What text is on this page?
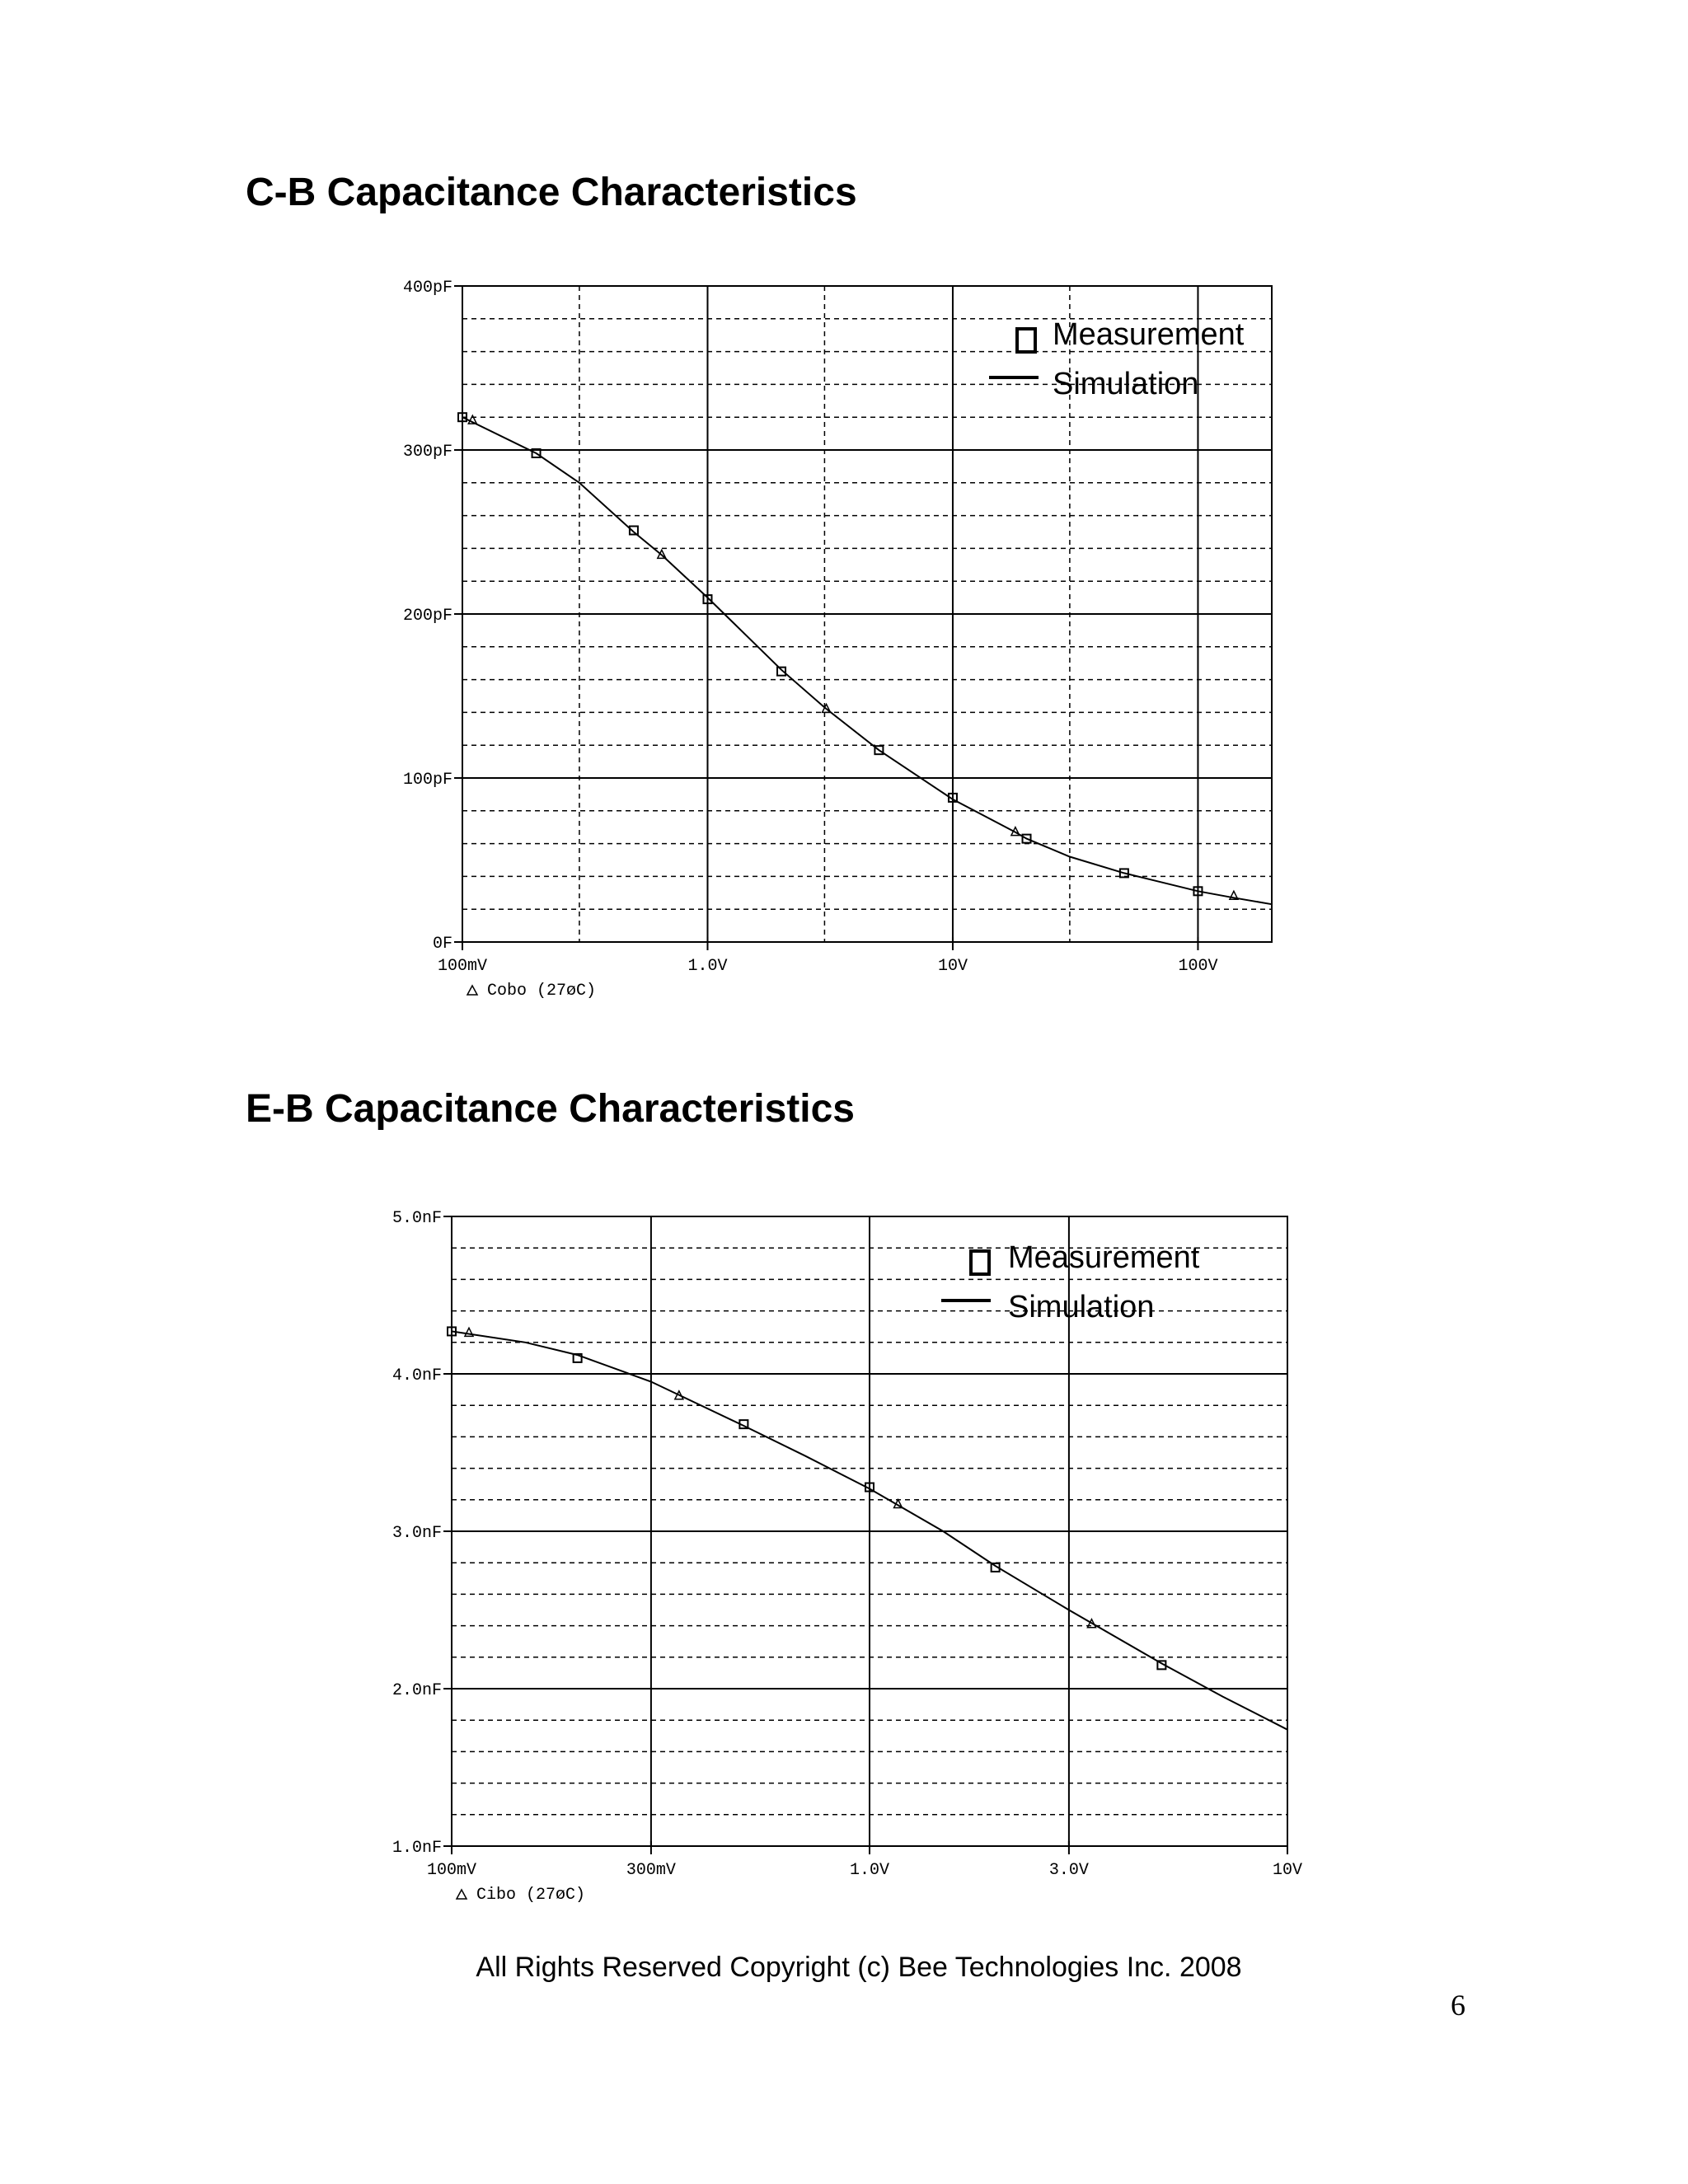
C-B Capacitance Characteristics
E-B Capacitance Characteristics
0F
100pF
200pF
300pF
400pF
100mV	1.0V	10V	100V
Cobo (27øC)
Measurement
Simulation
1.0nF
2.0nF
3.0nF
4.0nF
5.0nF
100mV	300mV	1.0V	3.0V	10V
Cibo (27øC)
Measurement
Simulation
All Rights Reserved Copyright (c) Bee Technologies Inc. 2008
6
